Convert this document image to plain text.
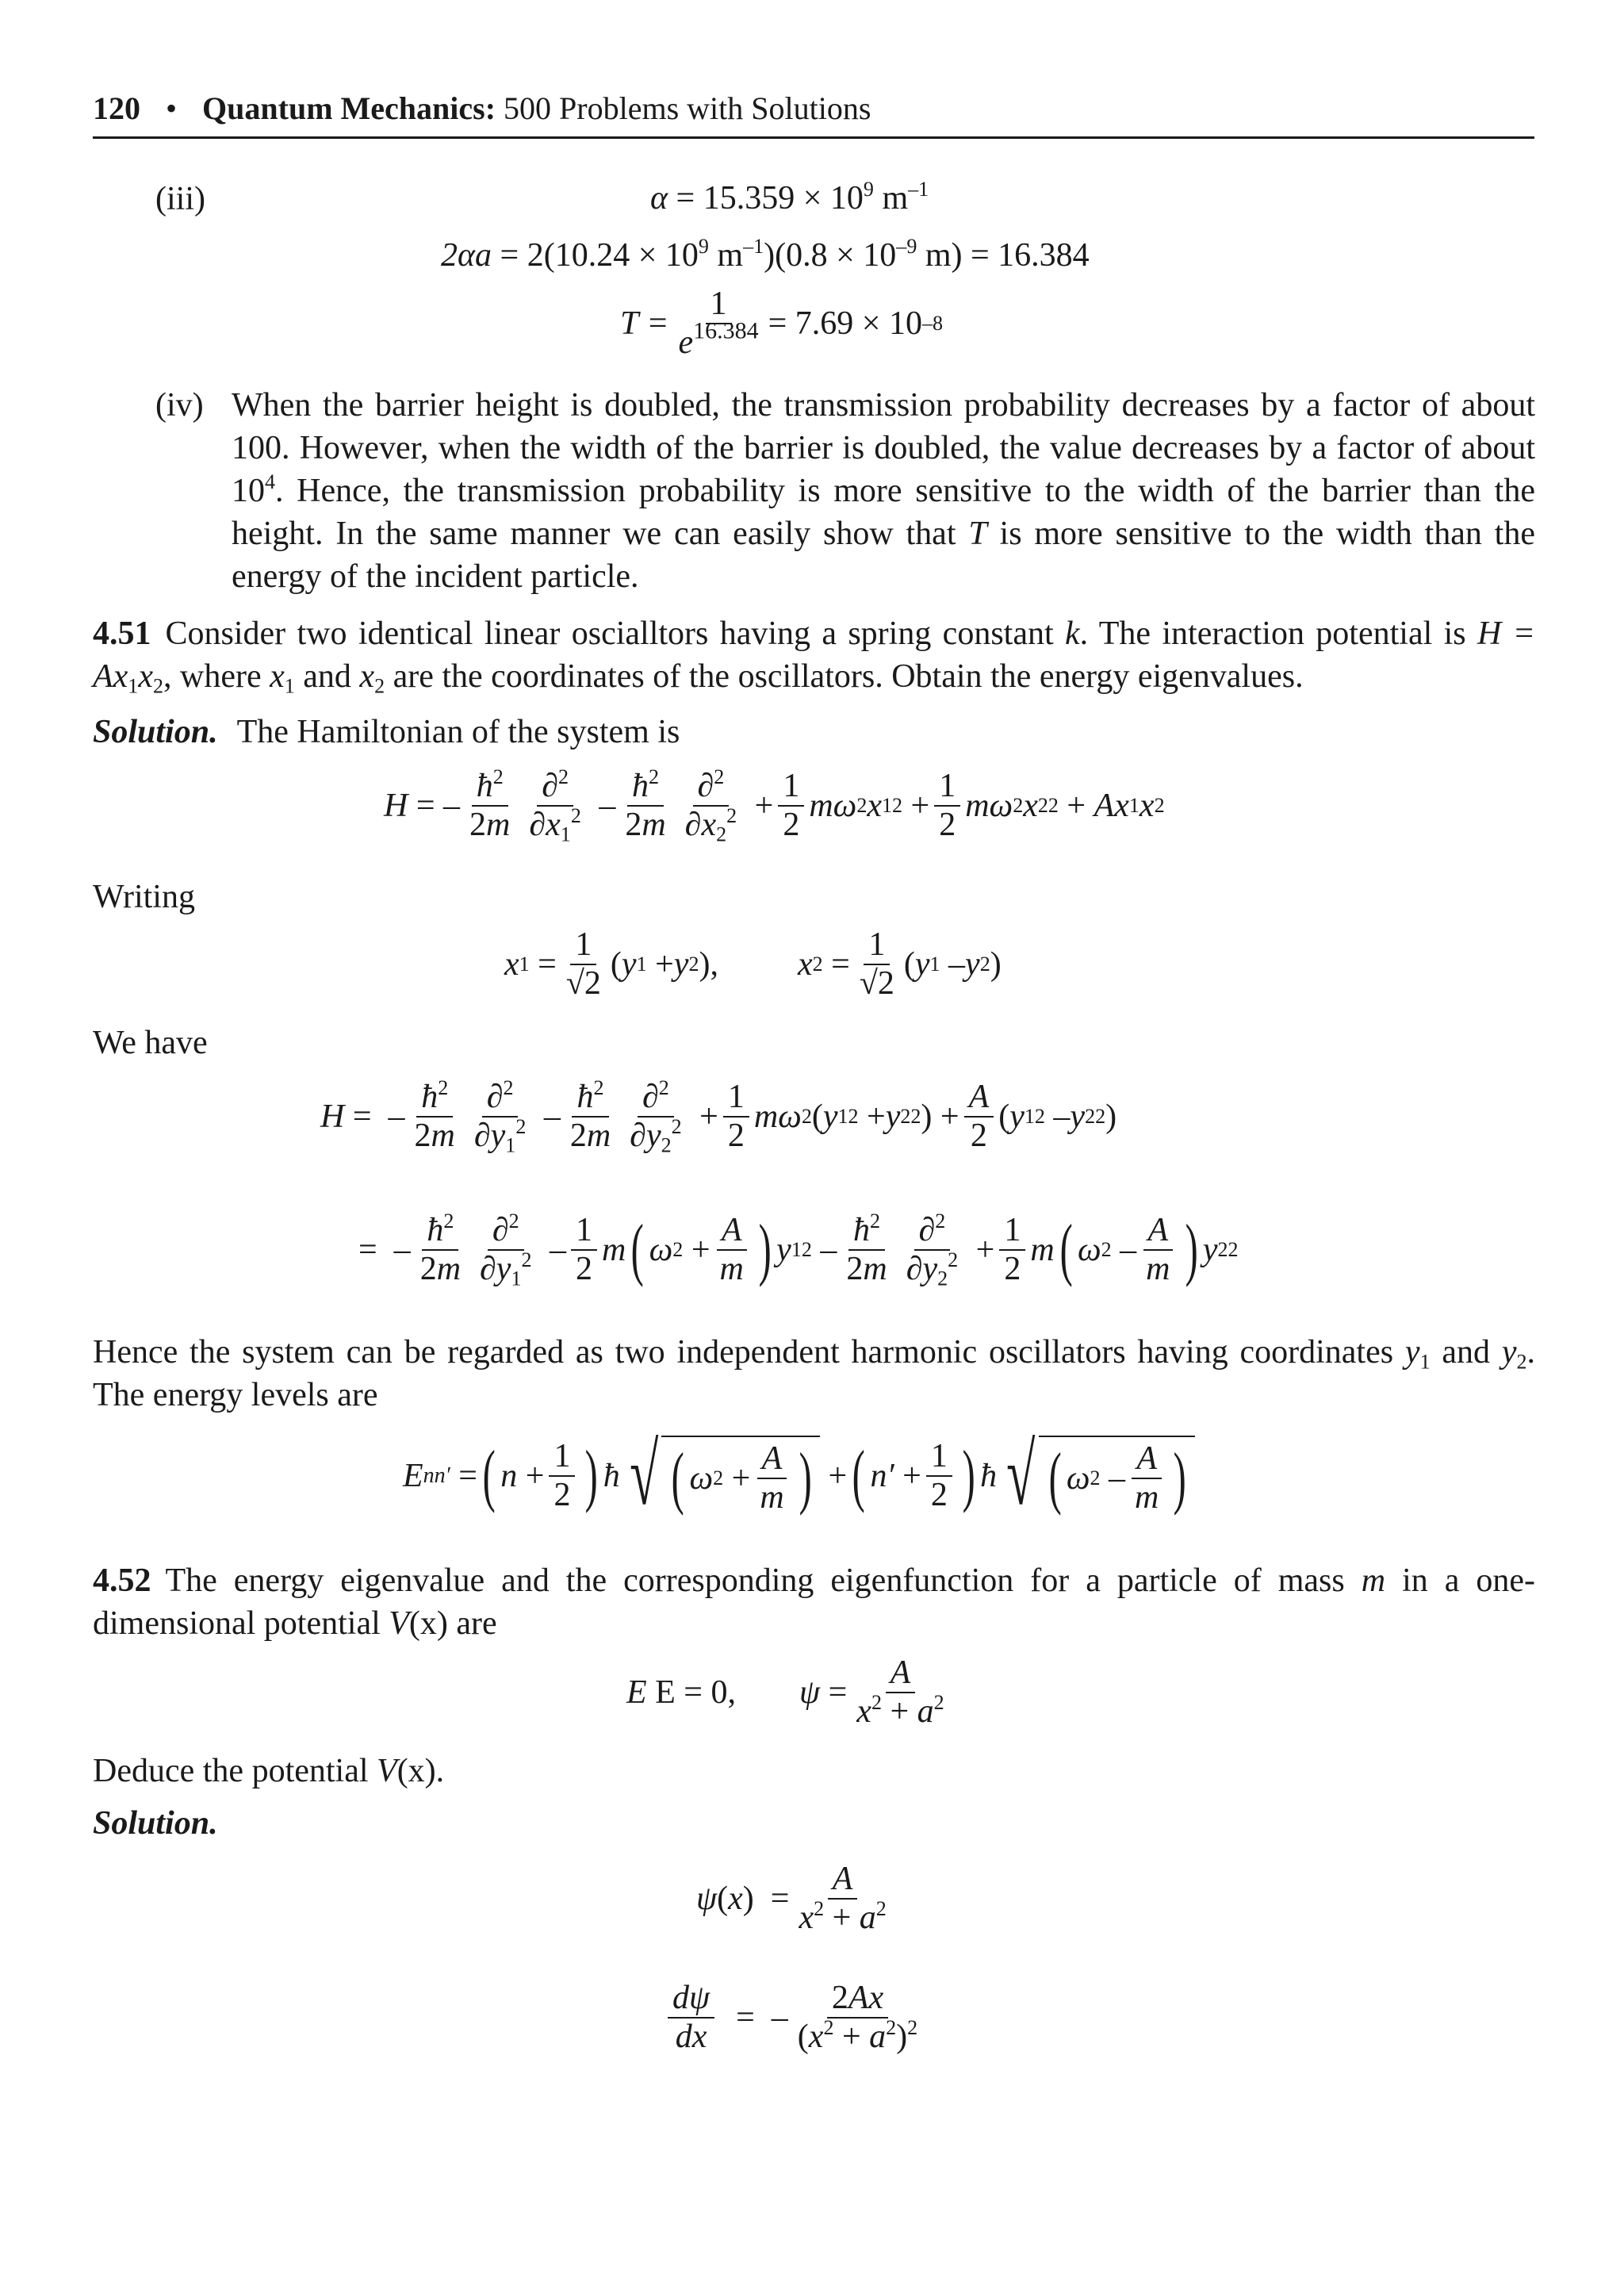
120 • Quantum Mechanics: 500 Problems with Solutions
(iii)	$\alpha = 15.359 \times 10^9$ $m^{-1}$
$2\alpha a = 2(10.24 \times 10^9$ $m^{-1})(0.8 \times 10^{-9}$ m) = 16.384
$T = \frac{1}{e^{16.384}} = 7.69 \times 10$ –8
(iv) When the barrier height is doubled, the transmission probability decreases by a factor of about 100. However, when the width of the barrier is doubled, the value decreases by a factor of about $10^4$. Hence, the transmission probability is more sensitive to the width of the barrier than the height. In the same manner we can easily show that T is more sensitive to the width than the energy of the incident particle.
4.51 Consider two identical linear oscialltors having a spring constant k. The interaction potential is $H = Ax_1x_2$, where $x_1$ and $x_2$ are the coordinates of the oscillators. Obtain the energy eigenvalues.
Solution. The Hamiltonian of the system is
H = –
$ħ^2$
2m
∂$^2$
$\partial x_1^2$ –
$ħ^2$
2m
∂$^2$
$\partial x_2^2$ +
1
2
mω 2 x 1 2 +
1
2
mω 2 x 2 2 + Ax 1 x 2
Writing
x 1 =
1
√2
( y 1 + y 2 ), x 2 =
1
√2
( y 1 – y 2 )
We have
H =  –
$ħ^2$
2m
∂$^2$
$\partial y_1^2$ –
$ħ^2$
2m
∂$^2$
$\partial y_2^2$ +
1
2
mω 2 ( y 1 2 + y 2 2 ) +
A
2
( y 1 2 – y 2 2 )
=  –
$ħ^2$
2m
∂$^2$
$\partial y_1^2$ –
1
2
m ( ω 2 +
A
m ) y 1 2 –
$ħ^2$
2m
∂$^2$
$\partial y_2^2$ +
1
2
m ( ω 2 –
A
m ) y 2 2
Hence the system can be regarded as two independent harmonic oscillators having coordinates $y_1$ and $y_2$. The energy levels are
E nn′ = ( n +
1
2 ) ħ √ ( ω 2 +
A
m ) + ( n′ +
1
2 ) ħ √ ( ω 2 –
A
m )
4.52 The energy eigenvalue and the corresponding eigenfunction for a particle of mass m in a one-dimensional potential V(x) are
E
E = 0, ψ =
A
$x^2 + a^2$
Deduce the potential V(x).
Solution.
ψ ( x )  =
A
$x^2 + a^2$
dψ
dx
=  –
2Ax
$(x^2 + a^2)^2$
